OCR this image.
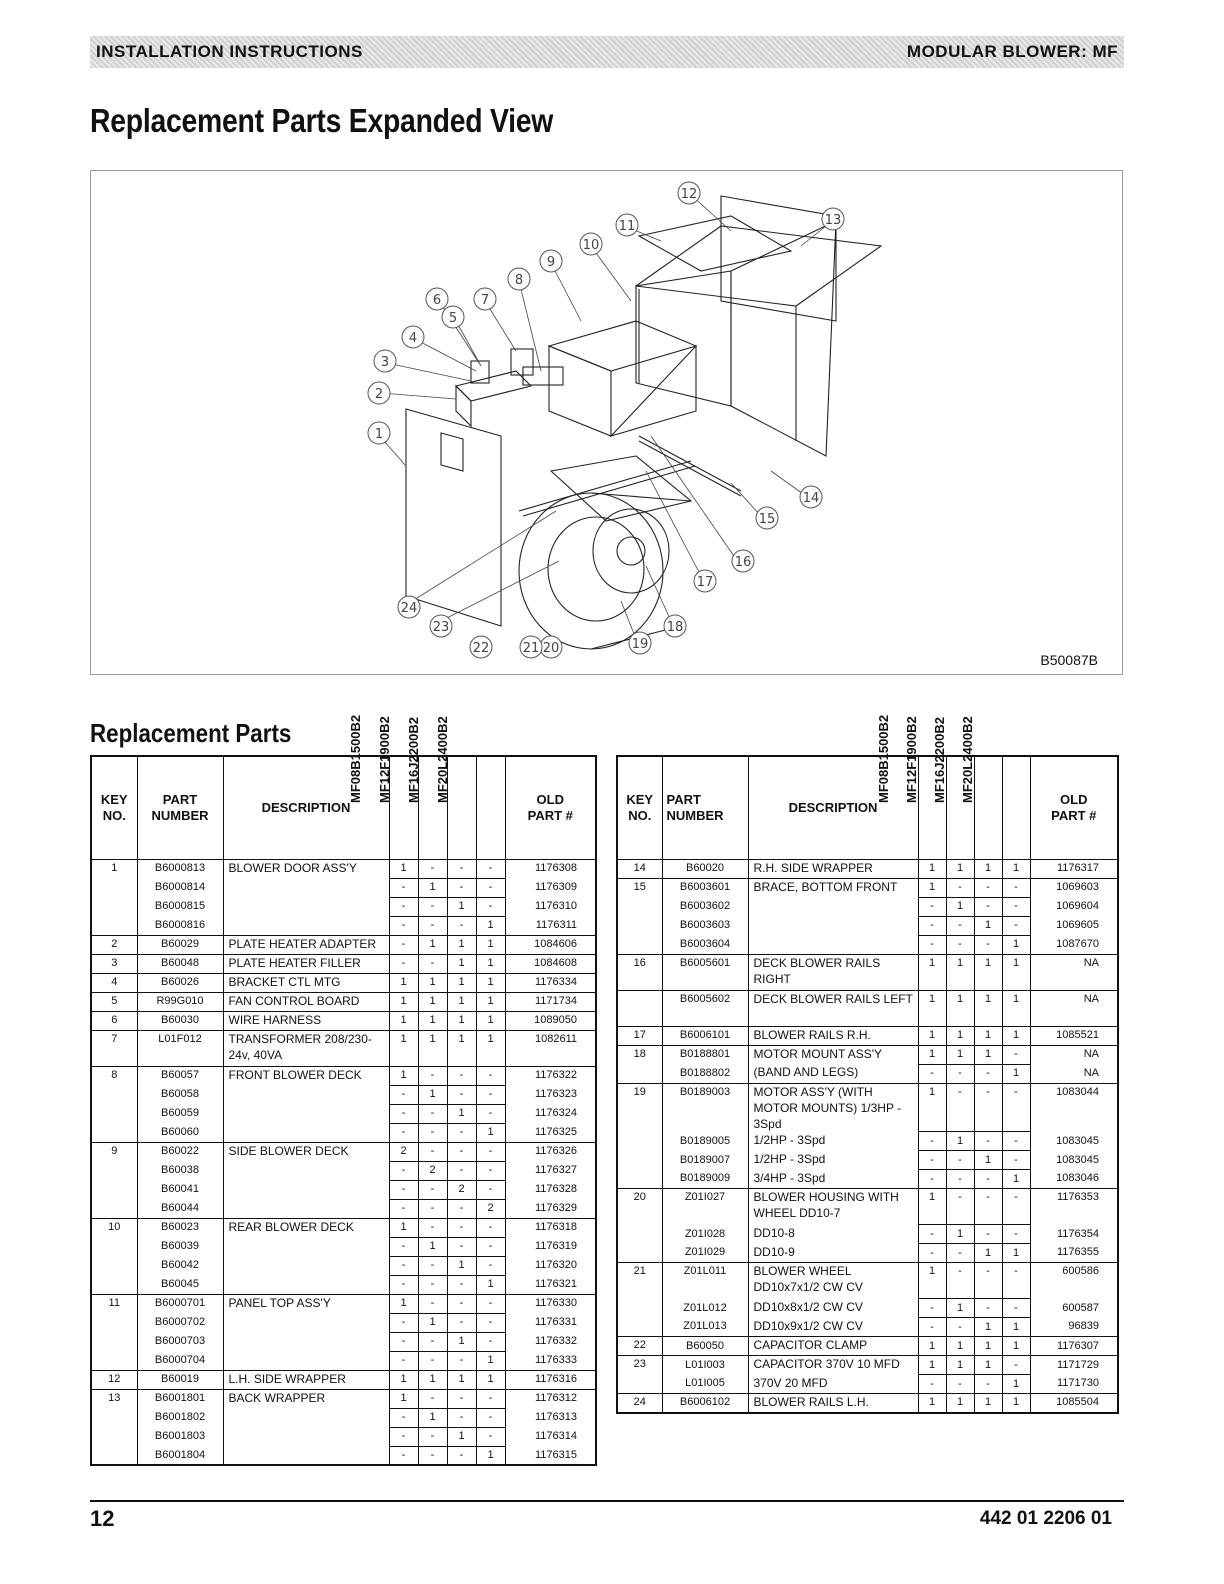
INSTALLATION INSTRUCTIONS	MODULAR BLOWER: MF
Replacement Parts Expanded View
1
2
3
4
5
6	7
8
9
10
11
12
13
14
15
16
17
18
19
20
21
22
23
24
B50087B
Replacement Parts
KEY
NO.	PART
NUMBER	DESCRIPTION	MF08B1500B2	MF12F1900B2	MF16J2200B2	MF20L2400B2	OLD
PART #
1	B6000813	BLOWER DOOR ASS'Y	1	-	-	-	1176308
	B6000814		-	1	-	-	1176309
	B6000815		-	-	1	-	1176310
	B6000816		-	-	-	1	1176311
2	B60029	PLATE HEATER ADAPTER	-	1	1	1	1084606
3	B60048	PLATE HEATER FILLER	-	-	1	1	1084608
4	B60026	BRACKET CTL MTG	1	1	1	1	1176334
5	R99G010	FAN CONTROL BOARD	1	1	1	1	1171734
6	B60030	WIRE HARNESS	1	1	1	1	1089050
7	L01F012	TRANSFORMER 208/230-24v, 40VA	1	1	1	1	1082611
8	B60057	FRONT BLOWER DECK	1	-	-	-	1176322
	B60058		-	1	-	-	1176323
	B60059		-	-	1	-	1176324
	B60060		-	-	-	1	1176325
9	B60022	SIDE BLOWER DECK	2	-	-	-	1176326
	B60038		-	2	-	-	1176327
	B60041		-	-	2	-	1176328
	B60044		-	-	-	2	1176329
10	B60023	REAR BLOWER DECK	1	-	-	-	1176318
	B60039		-	1	-	-	1176319
	B60042		-	-	1	-	1176320
	B60045		-	-	-	1	1176321
11	B6000701	PANEL TOP ASS'Y	1	-	-	-	1176330
	B6000702		-	1	-	-	1176331
	B6000703		-	-	1	-	1176332
	B6000704		-	-	-	1	1176333
12	B60019	L.H. SIDE WRAPPER	1	1	1	1	1176316
13	B6001801	BACK WRAPPER	1	-	-	-	1176312
	B6001802		-	1	-	-	1176313
	B6001803		-	-	1	-	1176314
	B6001804		-	-	-	1	1176315
KEY
NO.	PART
NUMBER	DESCRIPTION	MF08B1500B2	MF12F1900B2	MF16J2200B2	MF20L2400B2	OLD
PART #
14	B60020	R.H. SIDE WRAPPER	1	1	1	1	1176317
15	B6003601	BRACE, BOTTOM FRONT	1	-	-	-	1069603
	B6003602		-	1	-	-	1069604
	B6003603		-	-	1	-	1069605
	B6003604		-	-	-	1	1087670
16	B6005601	DECK BLOWER RAILS RIGHT	1	1	1	1	NA
	B6005602	DECK BLOWER RAILS LEFT	1	1	1	1	NA
17	B6006101	BLOWER RAILS R.H.	1	1	1	1	1085521
18	B0188801	MOTOR MOUNT ASS'Y	1	1	1	-	NA
	B0188802	(BAND AND LEGS)	-	-	-	1	NA
19	B0189003	MOTOR ASS'Y (WITH MOTOR MOUNTS) 1/3HP - 3Spd	1	-	-	-	1083044
	B0189005	1/2HP - 3Spd	-	1	-	-	1083045
	B0189007	1/2HP - 3Spd	-	-	1	-	1083045
	B0189009	3/4HP - 3Spd	-	-	-	1	1083046
20	Z01I027	BLOWER HOUSING WITH WHEEL DD10-7	1	-	-	-	1176353
	Z01I028	DD10-8	-	1	-	-	1176354
	Z01I029	DD10-9	-	-	1	1	1176355
21	Z01L011	BLOWER WHEEL DD10x7x1/2 CW CV	1	-	-	-	600586
	Z01L012	DD10x8x1/2 CW CV	-	1	-	-	600587
	Z01L013	DD10x9x1/2 CW CV	-	-	1	1	96839
22	B60050	CAPACITOR CLAMP	1	1	1	1	1176307
23	L01I003	CAPACITOR 370V 10 MFD	1	1	1	-	1171729
	L01I005	370V 20 MFD	-	-	-	1	1171730
24	B6006102	BLOWER RAILS L.H.	1	1	1	1	1085504
12	442 01 2206 01
